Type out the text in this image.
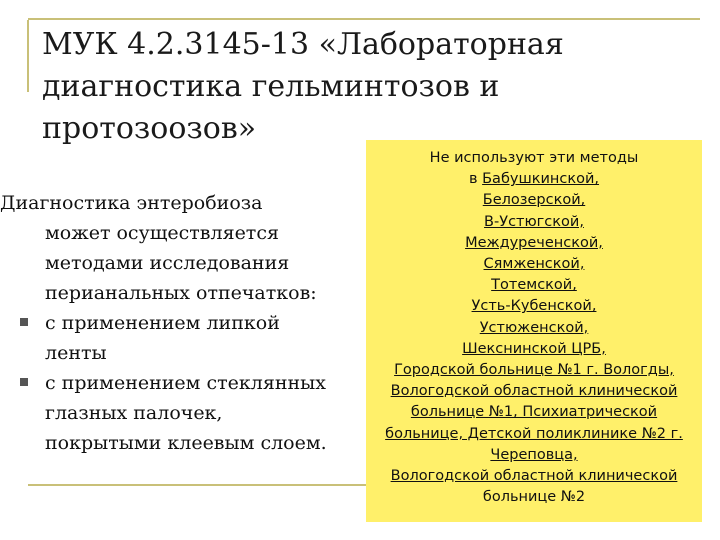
МУК 4.2.3145-13 «Лабораторная
диагностика гельминтозов и
протозоозов»
Диагностика энтеробиоза
может осуществляется
методами исследования
перианальных отпечатков:
с применением липкой
ленты
с применением стеклянных
глазных палочек,
покрытыми клеевым слоем.
Не используют эти методы
в Бабушкинской,
Белозерской,
В-Устюгской,
Междуреченской,
Сямженской,
Тотемской,
Усть-Кубенской,
Устюженской,
Шекснинской ЦРБ,
Городской больнице №1 г. Вологды,
Вологодской областной клинической
больнице №1, Психиатрической
больнице, Детской поликлинике №2 г.
Череповца,
Вологодской областной клинической
больнице №2
